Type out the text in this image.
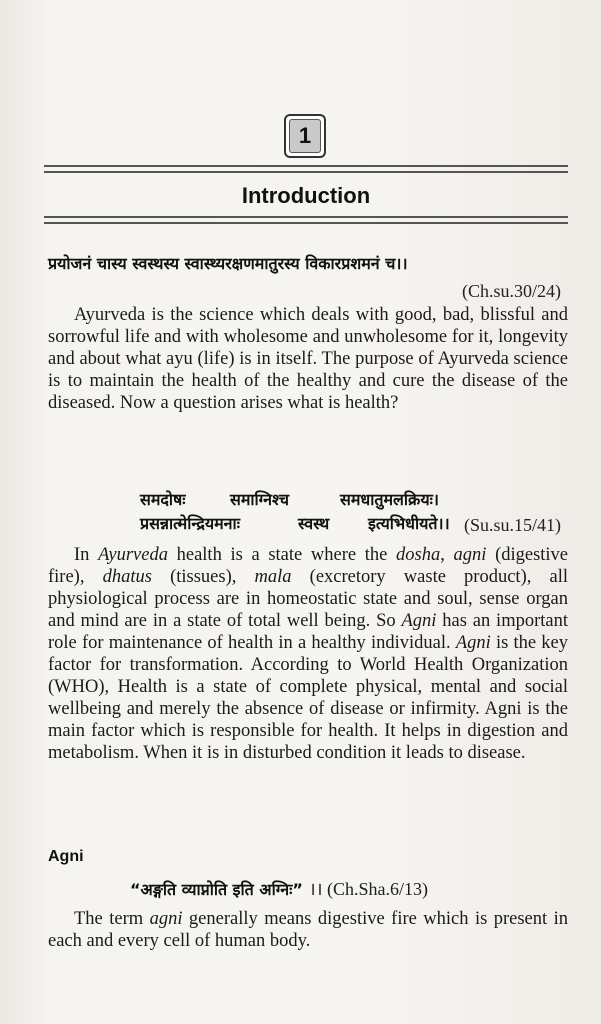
1
Introduction
प्रयोजनं चास्य स्वस्थस्य स्वास्थ्यरक्षणमातुरस्य विकारप्रशमनं च।।
(Ch.su.30/24)
Ayurveda is the science which deals with good, bad, blissful and sorrowful life and with wholesome and unwholesome for it, longevity and about what ayu (life) is in itself. The purpose of Ayurveda science is to maintain the health of the healthy and cure the disease of the diseased. Now a question arises what is health?
समदोषः	समाग्निश्च	समधातुमलक्रियः।
प्रसन्नात्मेन्द्रियमनाः	स्वस्थ	इत्यभिधीयते।। (Su.su.15/41)
In Ayurveda health is a state where the dosha, agni (digestive fire), dhatus (tissues), mala (excretory waste product), all physiological process are in homeostatic state and soul, sense organ and mind are in a state of total well being. So Agni has an important role for maintenance of health in a healthy individual. Agni is the key factor for transformation. According to World Health Organization (WHO), Health is a state of complete physical, mental and social wellbeing and merely the absence of disease or infirmity. Agni is the main factor which is responsible for health. It helps in digestion and metabolism. When it is in disturbed condition it leads to disease.
Agni
“अङ्गति व्याप्नोति इति अग्निः” ।। (Ch.Sha.6/13)
The term agni generally means digestive fire which is present in each and every cell of human body.
